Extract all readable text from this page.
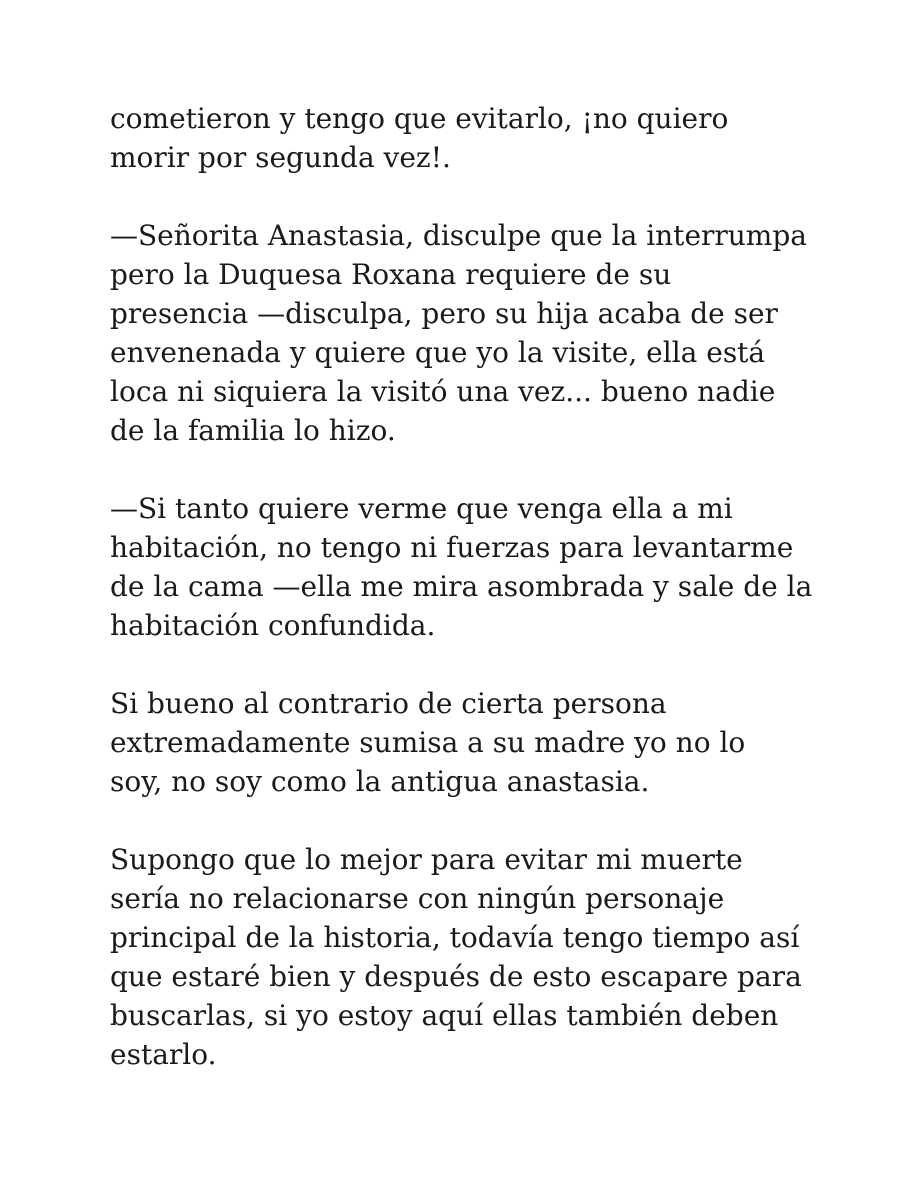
cometieron y tengo que evitarlo, ¡no quiero
morir por segunda vez!.

—Señorita Anastasia, disculpe que la interrumpa
pero la Duquesa Roxana requiere de su
presencia —disculpa, pero su hija acaba de ser
envenenada y quiere que yo la visite, ella está
loca ni siquiera la visitó una vez... bueno nadie
de la familia lo hizo.

—Si tanto quiere verme que venga ella a mi
habitación, no tengo ni fuerzas para levantarme
de la cama —ella me mira asombrada y sale de la
habitación confundida.

Si bueno al contrario de cierta persona
extremadamente sumisa a su madre yo no lo
soy, no soy como la antigua anastasia.

Supongo que lo mejor para evitar mi muerte
sería no relacionarse con ningún personaje
principal de la historia, todavía tengo tiempo así
que estaré bien y después de esto escapare para
buscarlas, si yo estoy aquí ellas también deben
estarlo.
